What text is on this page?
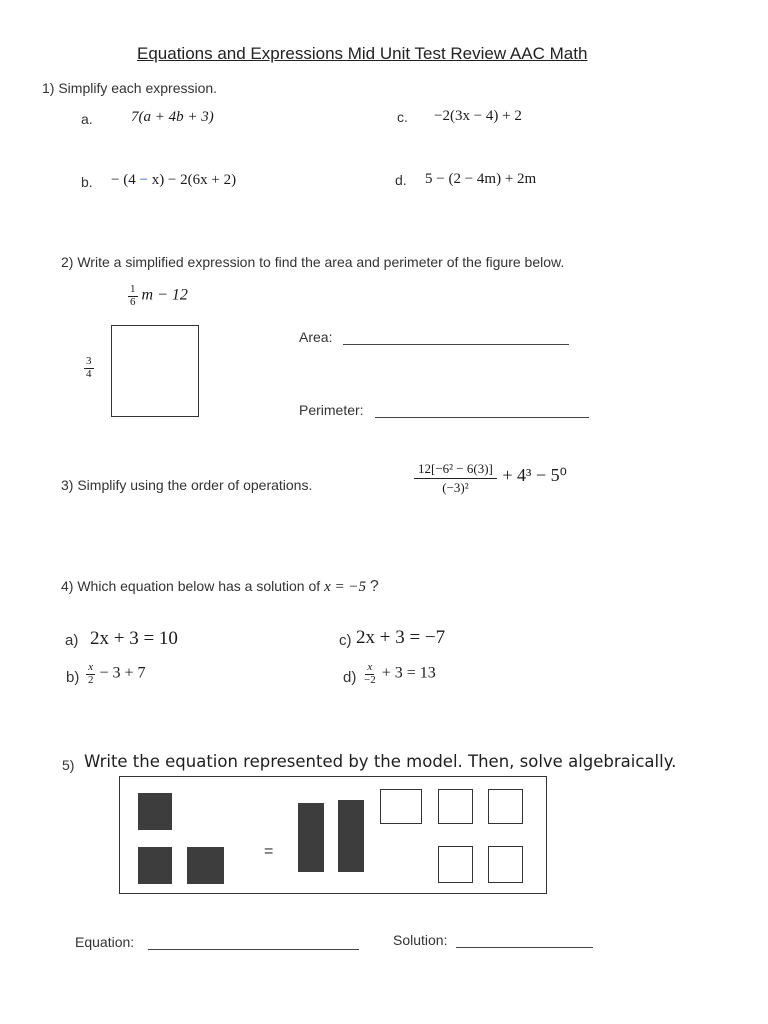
Equations and Expressions Mid Unit Test Review AAC Math
1) Simplify each expression.
a.	7(a + 4b + 3)	c. −2(3x − 4) + 2
b. − (4 − x) − 2(6x + 2)	d. 5 − (2 − 4m) + 2m
2) Write a simplified expression to find the area and perimeter of the figure below.
$\frac{1}{6}$ m − 12
$\frac{3}{4}$
Area:
Perimeter:
3) Simplify using the order of operations.	$\frac{\text{12[−6² − 6(3)]}}{\text{(−3)²}} + 4^3 - 5^0$
4) Which equation below has a solution of x = −5 ?
a) 2x + 3 = 10	c) 2x + 3 = −7
$b) \frac{x}{2} - 3 + 7$	$d) \frac{x}{-2} + 3 = 13$
5) Write the equation represented by the model. Then, solve algebraically.
=
Equation:	Solution:
